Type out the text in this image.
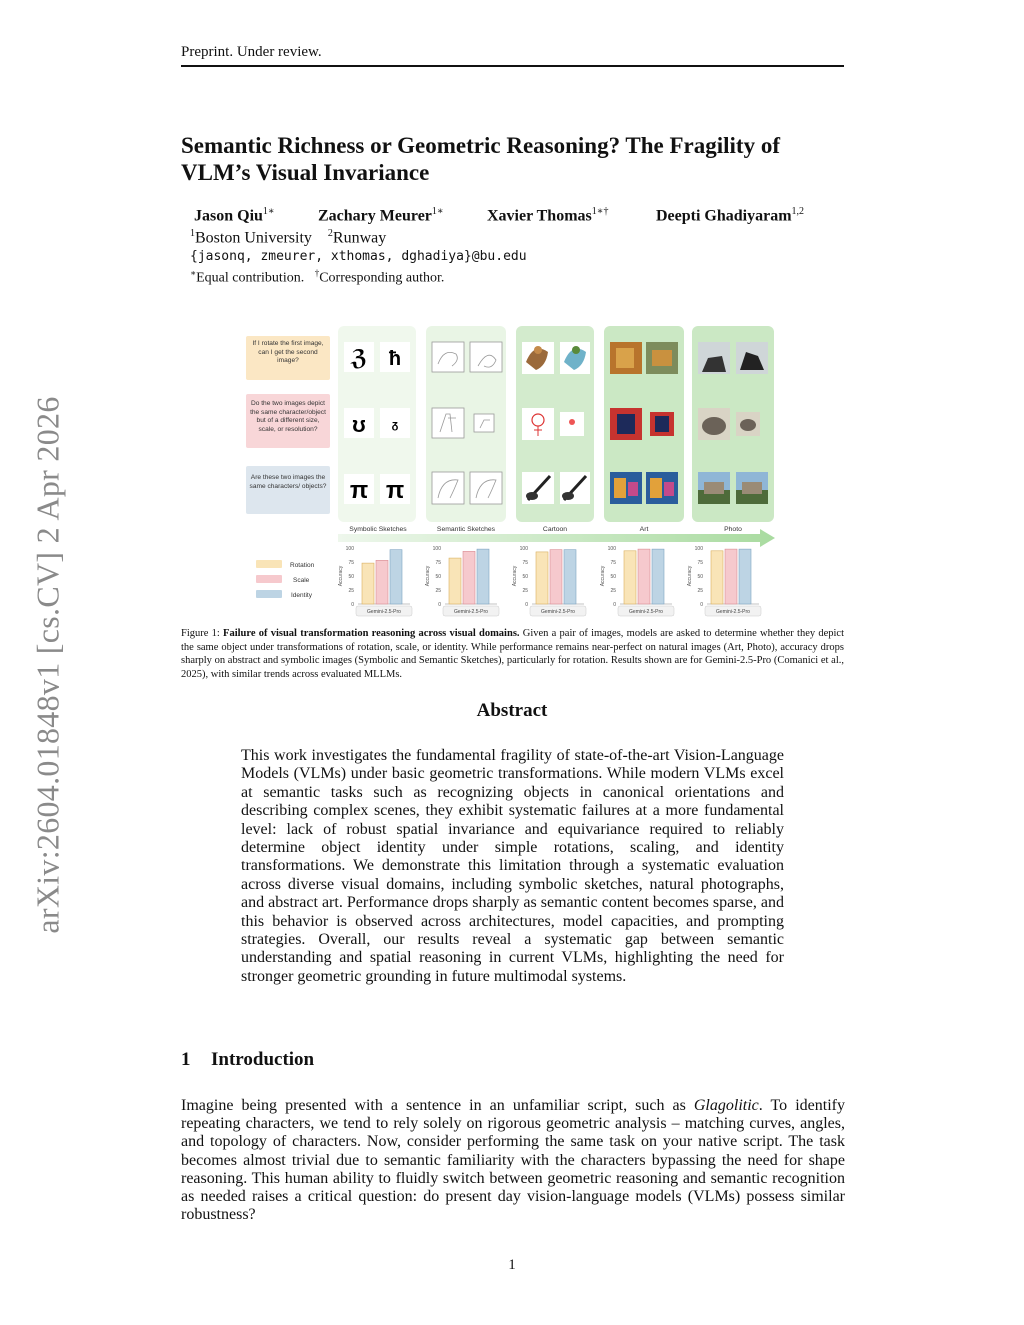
Preprint. Under review.
Semantic Richness or Geometric Reasoning? The Fragility of
VLM’s Visual Invariance
Jason Qiu$^{1∗}$	Zachary Meurer$^{1∗}$	Xavier Thomas$^{1∗\dagger}$	Deepti Ghadiyaram$^{1,2}$
$^1$Boston University $^2$Runway
{jasonq, zmeurer, xthomas, dghadiya}@bu.edu
∗Equal contribution. †Corresponding author.
arXiv:2604.01848v1 [cs.CV] 2 Apr 2026
If I rotate the first image, can I get the second image?
Do the two images depict the same character/object but of a different size, scale, or resolution?
Are these two images the same characters/ objects?
ℨ ħ
ʊ ᵹ
π π
Symbolic Sketches	Semantic Sketches	Cartoon	Art	Photo
Rotation
Scale
Identity
0
25
50
75
100
Accuracy
Gemini-2.5-Pro
0
25
50
75
100
Accuracy
Gemini-2.5-Pro
0
25
50
75
100
Accuracy
Gemini-2.5-Pro
0
25
50
75
100
Accuracy
Gemini-2.5-Pro
0
25
50
75
100
Accuracy
Gemini-2.5-Pro
Figure 1: Failure of visual transformation reasoning across visual domains. Given a pair of images, models are asked to determine whether they depict the same object under transformations of rotation, scale, or identity. While performance remains near-perfect on natural images (Art, Photo), accuracy drops sharply on abstract and symbolic images (Symbolic and Semantic Sketches), particularly for rotation. Results shown are for Gemini-2.5-Pro (Comanici et al., 2025), with similar trends across evaluated MLLMs.
Abstract
This work investigates the fundamental fragility of state-of-the-art Vision-Language Models (VLMs) under basic geometric transformations. While modern VLMs excel at semantic tasks such as recognizing objects in canonical orientations and describing complex scenes, they exhibit systematic failures at a more fundamental level: lack of robust spatial invariance and equivariance required to reliably determine object identity under simple rotations, scaling, and identity transformations. We demonstrate this limitation through a systematic evaluation across diverse visual domains, including symbolic sketches, natural photographs, and abstract art. Performance drops sharply as semantic content becomes sparse, and this behavior is observed across architectures, model capacities, and prompting strategies. Overall, our results reveal a systematic gap between semantic understanding and spatial reasoning in current VLMs, highlighting the need for stronger geometric grounding in future multimodal systems.
1 Introduction
Imagine being presented with a sentence in an unfamiliar script, such as Glagolitic. To identify repeating characters, we tend to rely solely on rigorous geometric analysis – matching curves, angles, and topology of characters. Now, consider performing the same task on your native script. The task becomes almost trivial due to semantic familiarity with the characters bypassing the need for shape reasoning. This human ability to fluidly switch between geometric reasoning and semantic recognition as needed raises a critical question: do present day vision-language models (VLMs) possess similar robustness?
1
